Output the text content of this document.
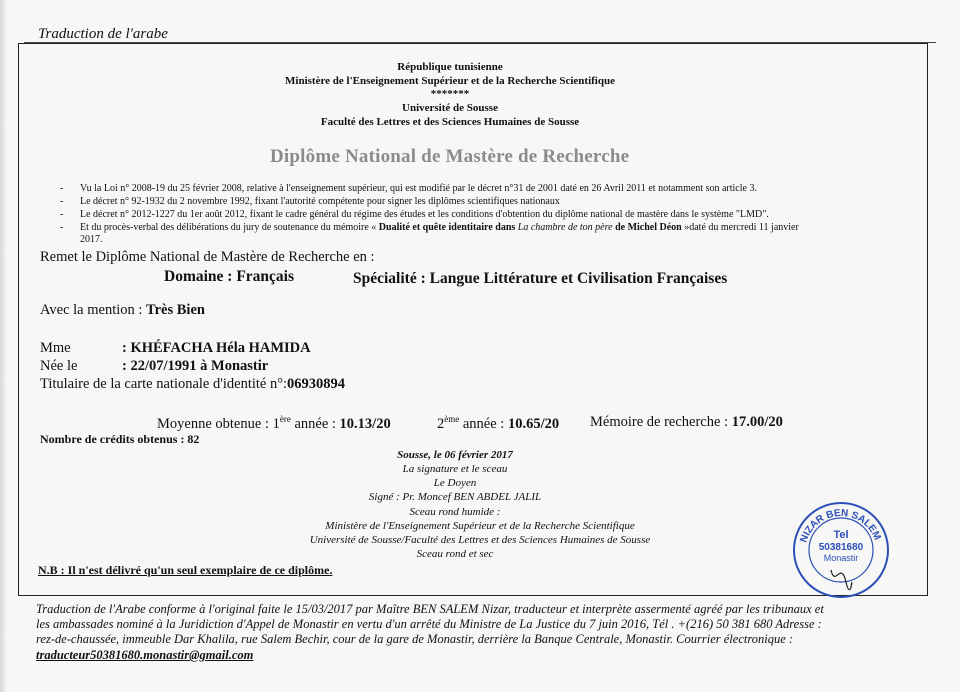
Traduction de l'arabe
République tunisienne
Ministère de l'Enseignement Supérieur et de la Recherche Scientifique
*******
Université de Sousse
Faculté des Lettres et des Sciences Humaines de Sousse
Diplôme National de Mastère de Recherche
- Vu la Loi n° 2008-19 du 25 février 2008, relative à l'enseignement supérieur, qui est modifié par le décret n°31 de 2001 daté en 26 Avril 2011 et notamment son article 3.
- Le décret n° 92-1932 du 2 novembre 1992, fixant l'autorité compétente pour signer les diplômes scientifiques nationaux
- Le décret n° 2012-1227 du 1er août 2012, fixant le cadre général du régime des études et les conditions d'obtention du diplôme national de mastère dans le système "LMD".
- Et du procès-verbal des délibérations du jury de soutenance du mémoire « Dualité et quête identitaire dans La chambre de ton père de Michel Déon »daté du mercredi 11 janvier
2017.
Remet le Diplôme National de Mastère de Recherche en :
Domaine : Français	Spécialité : Langue Littérature et Civilisation Françaises
Avec la mention : Très Bien
Mme	: KHÉFACHA Héla HAMIDA
Née le	: 22/07/1991 à Monastir
Titulaire de la carte nationale d'identité n°:06930894
Moyenne obtenue : 1ère année : 10.13/20	2ème année : 10.65/20 Mémoire de recherche : 17.00/20
Nombre de crédits obtenus : 82
Sousse, le 06 février 2017
La signature et le sceau
Le Doyen
Signé : Pr. Moncef BEN ABDEL JALIL
Sceau rond humide :
Ministère de l'Enseignement Supérieur et de la Recherche Scientifique
Université de Sousse/Faculté des Lettres et des Sciences Humaines de Sousse
Sceau rond et sec
N.B : Il n'est délivré qu'un seul exemplaire de ce diplôme.
NIZAR BEN SALEM
Tel
50381680
Monastir
Traduction de l'Arabe conforme à l'original faite le 15/03/2017 par Maître BEN SALEM Nizar, traducteur et interprète assermenté agréé par les tribunaux et
les ambassades nominé à la Juridiction d'Appel de Monastir en vertu d'un arrêté du Ministre de La Justice du 7 juin 2016, Tél . +(216) 50 381 680 Adresse :
rez-de-chaussée, immeuble Dar Khalila, rue Salem Bechir, cour de la gare de Monastir, derrière la Banque Centrale, Monastir. Courrier électronique :
traducteur50381680.monastir@gmail.com
